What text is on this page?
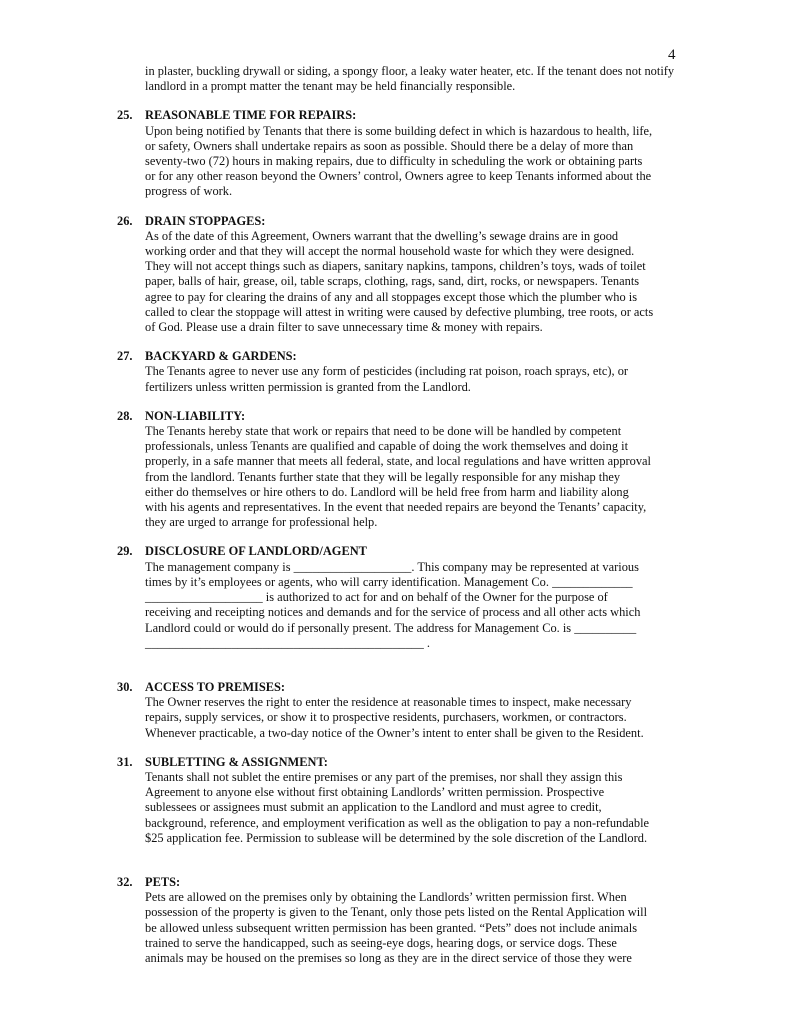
4

in plaster, buckling drywall or siding, a spongy floor, a leaky water heater, etc. If the tenant does not notify landlord in a prompt matter the tenant may be held financially responsible.

25. REASONABLE TIME FOR REPAIRS:

Upon being notified by Tenants that there is some building defect in which is hazardous to health, life,
or safety, Owners shall undertake repairs as soon as possible. Should there be a delay of more than
seventy-two (72) hours in making repairs, due to difficulty in scheduling the work or obtaining parts
or for any other reason beyond the Owners’ control, Owners agree to keep Tenants informed about the
progress of work.

26. DRAIN STOPPAGES:

As of the date of this Agreement, Owners warrant that the dwelling’s sewage drains are in good
working order and that they will accept the normal household waste for which they were designed.
They will not accept things such as diapers, sanitary napkins, tampons, children’s toys, wads of toilet
paper, balls of hair, grease, oil, table scraps, clothing, rags, sand, dirt, rocks, or newspapers. Tenants
agree to pay for clearing the drains of any and all stoppages except those which the plumber who is
called to clear the stoppage will attest in writing were caused by defective plumbing, tree roots, or acts
of God. Please use a drain filter to save unnecessary time & money with repairs.

27. BACKYARD & GARDENS:

The Tenants agree to never use any form of pesticides (including rat poison, roach sprays, etc), or
fertilizers unless written permission is granted from the Landlord.

28. NON-LIABILITY:

The Tenants hereby state that work or repairs that need to be done will be handled by competent
professionals, unless Tenants are qualified and capable of doing the work themselves and doing it
properly, in a safe manner that meets all federal, state, and local regulations and have written approval
from the landlord. Tenants further state that they will be legally responsible for any mishap they
either do themselves or hire others to do. Landlord will be held free from harm and liability along
with his agents and representatives. In the event that needed repairs are beyond the Tenants’ capacity,
they are urged to arrange for professional help.

29. DISCLOSURE OF LANDLORD/AGENT

The management company is ___________________. This company may be represented at various
times by it’s employees or agents, who will carry identification. Management Co. _____________
___________________ is authorized to act for and on behalf of the Owner for the purpose of
receiving and receipting notices and demands and for the service of process and all other acts which
Landlord could or would do if personally present. The address for Management Co. is __________
_____________________________________________ .

30. ACCESS TO PREMISES:

The Owner reserves the right to enter the residence at reasonable times to inspect, make necessary
repairs, supply services, or show it to prospective residents, purchasers, workmen, or contractors.
Whenever practicable, a two-day notice of the Owner’s intent to enter shall be given to the Resident.

31. SUBLETTING & ASSIGNMENT:

Tenants shall not sublet the entire premises or any part of the premises, nor shall they assign this
Agreement to anyone else without first obtaining Landlords’ written permission. Prospective
sublessees or assignees must submit an application to the Landlord and must agree to credit,
background, reference, and employment verification as well as the obligation to pay a non-refundable
$25 application fee. Permission to sublease will be determined by the sole discretion of the Landlord.

32. PETS:

Pets are allowed on the premises only by obtaining the Landlords’ written permission first. When
possession of the property is given to the Tenant, only those pets listed on the Rental Application will
be allowed unless subsequent written permission has been granted. “Pets” does not include animals
trained to serve the handicapped, such as seeing-eye dogs, hearing dogs, or service dogs. These
animals may be housed on the premises so long as they are in the direct service of those they were
